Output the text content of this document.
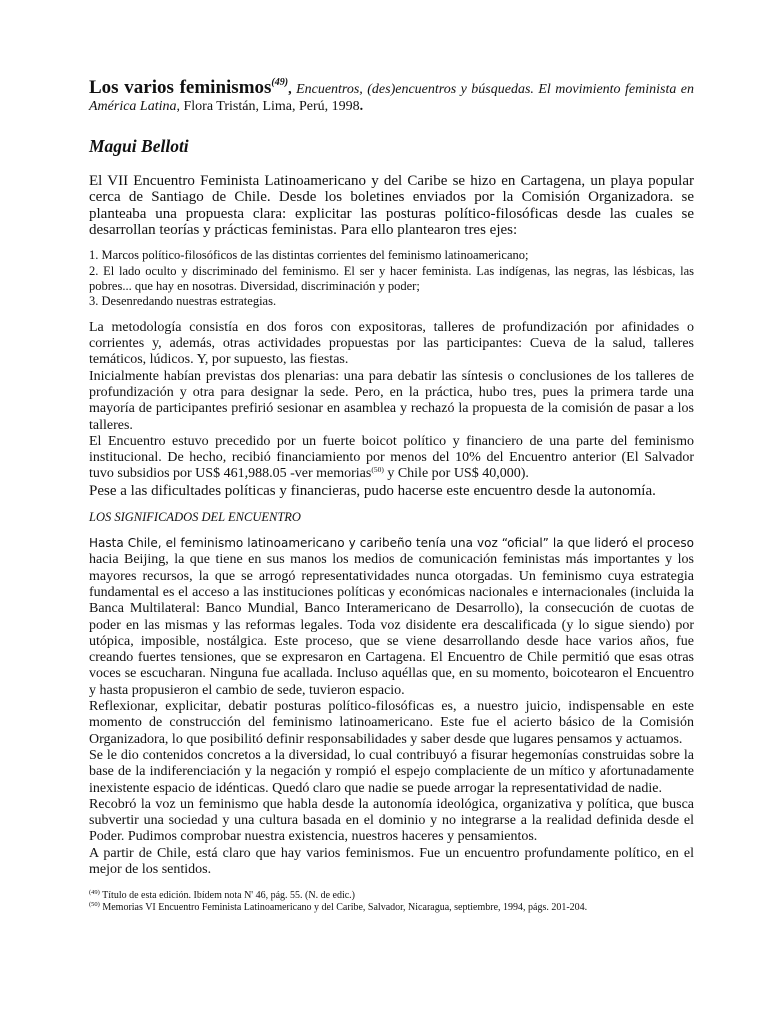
Los varios feminismos$^{(49)}$, Encuentros, (des)encuentros y búsquedas. El movimiento feminista en América Latina, Flora Tristán, Lima, Perú, 1998.
Magui Belloti

El VII Encuentro Feminista Latinoamericano y del Caribe se hizo en Cartagena, un playa popular cerca de Santiago de Chile. Desde los boletines enviados por la Comisión Organizadora. se planteaba una propuesta clara: explicitar las posturas político-filosóficas desde las cuales se desarrollan teorías y prácticas feministas. Para ello plantearon tres ejes:

1. Marcos político-filosóficos de las distintas corrientes del feminismo latinoamericano;
2. El lado oculto y discriminado del feminismo. El ser y hacer feminista. Las indígenas, las negras, las lésbicas, las pobres... que hay en nosotras. Diversidad, discriminación y poder;
3. Desenredando nuestras estrategias.

La metodología consistía en dos foros con expositoras, talleres de profundización por afinidades o corrientes y, además, otras actividades propuestas por las participantes: Cueva de la salud, talleres temáticos, lúdicos. Y, por supuesto, las fiestas.

Inicialmente habían previstas dos plenarias: una para debatir las síntesis o conclusiones de los talleres de profundización y otra para designar la sede. Pero, en la práctica, hubo tres, pues la primera tarde una mayoría de participantes prefirió sesionar en asamblea y rechazó la propuesta de la comisión de pasar a los talleres.

El Encuentro estuvo precedido por un fuerte boicot político y financiero de una parte del feminismo institucional. De hecho, recibió financiamiento por menos del 10% del Encuentro anterior (El Salvador tuvo subsidios por US$ 461,988.05 -ver memorias$^{(50)}$ y Chile por US$ 40,000).

Pese a las dificultades políticas y financieras, pudo hacerse este encuentro desde la autonomía.

LOS SIGNIFICADOS DEL ENCUENTRO

Hasta Chile, el feminismo latinoamericano y caribeño tenía una voz “oficial” la que lideró el proceso hacia Beijing, la que tiene en sus manos los medios de comunicación feministas más importantes y los mayores recursos, la que se arrogó representatividades nunca otorgadas. Un feminismo cuya estrategia fundamental es el acceso a las instituciones políticas y económicas nacionales e internacionales (incluida la Banca Multilateral: Banco Mundial, Banco Interamericano de Desarrollo), la consecución de cuotas de poder en las mismas y las reformas legales. Toda voz disidente era descalificada (y lo sigue siendo) por utópica, imposible, nostálgica. Este proceso, que se viene desarrollando desde hace varios años, fue creando fuertes tensiones, que se expresaron en Cartagena. El Encuentro de Chile permitió que esas otras voces se escucharan. Ninguna fue acallada. Incluso aquéllas que, en su momento, boicotearon el Encuentro y hasta propusieron el cambio de sede, tuvieron espacio.

Reflexionar, explicitar, debatir posturas político-filosóficas es, a nuestro juicio, indispensable en este momento de construcción del feminismo latinoamericano. Este fue el acierto básico de la Comisión Organizadora, lo que posibilitó definir responsabilidades y saber desde que lugares pensamos y actuamos.

Se le dio contenidos concretos a la diversidad, lo cual contribuyó a fisurar hegemonías construidas sobre la base de la indiferenciación y la negación y rompió el espejo complaciente de un mítico y afortunadamente inexistente espacio de idénticas. Quedó claro que nadie se puede arrogar la representatividad de nadie.

Recobró la voz un feminismo que habla desde la autonomía ideológica, organizativa y política, que busca subvertir una sociedad y una cultura basada en el dominio y no integrarse a la realidad definida desde el Poder. Pudimos comprobar nuestra existencia, nuestros haceres y pensamientos.

A partir de Chile, está claro que hay varios feminismos. Fue un encuentro profundamente político, en el mejor de los sentidos.

$^{(49)}$ Título de esta edición. Ibídem nota N' 46, pág. 55. (N. de edic.)
$^{(50)}$ Memorias VI Encuentro Feminista Latinoamericano y del Caribe, Salvador, Nicaragua, septiembre, 1994, págs. 201-204.
